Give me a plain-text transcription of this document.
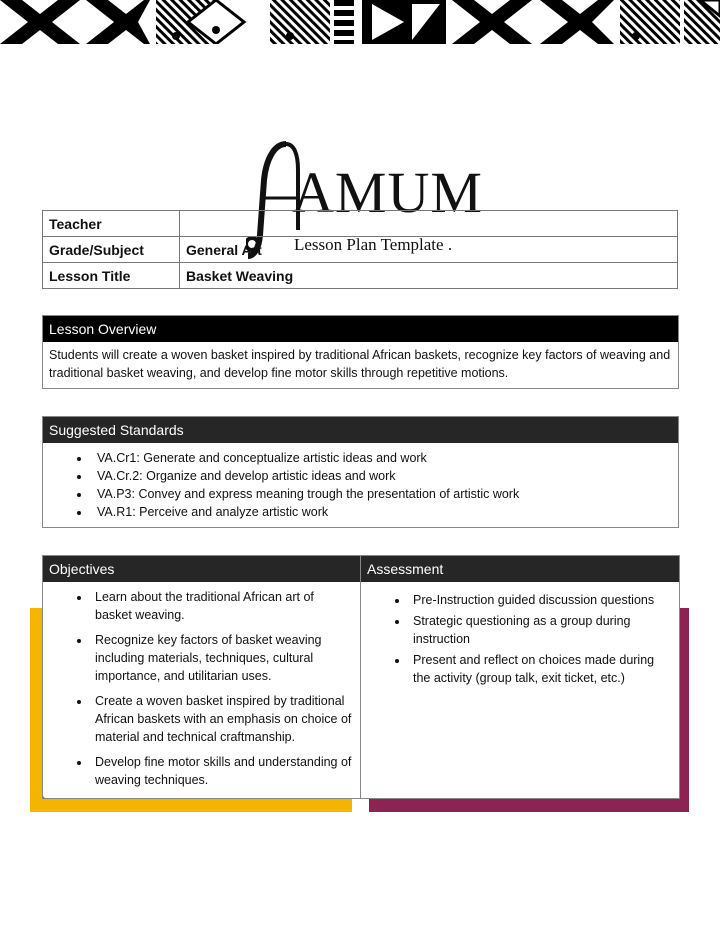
AMUM
Lesson Plan Template .
Teacher	
Grade/Subject	General Art
Lesson Title	Basket Weaving
Lesson Overview
Students will create a woven basket inspired by traditional African baskets, recognize key factors of weaving and traditional basket weaving, and develop fine motor skills through repetitive motions.
Suggested Standards
• VA.Cr1: Generate and conceptualize artistic ideas and work
• VA.Cr.2: Organize and develop artistic ideas and work
• VA.P3: Convey and express meaning trough the presentation of artistic work
• VA.R1: Perceive and analyze artistic work
Objectives
• Learn about the traditional African art of basket weaving.
• Recognize key factors of basket weaving including materials, techniques, cultural importance, and utilitarian uses.
• Create a woven basket inspired by traditional African baskets with an emphasis on choice of material and technical craftmanship.
• Develop fine motor skills and understanding of weaving techniques.
Assessment
• Pre-Instruction guided discussion questions
• Strategic questioning as a group during instruction
• Present and reflect on choices made during the activity (group talk, exit ticket, etc.)
`
